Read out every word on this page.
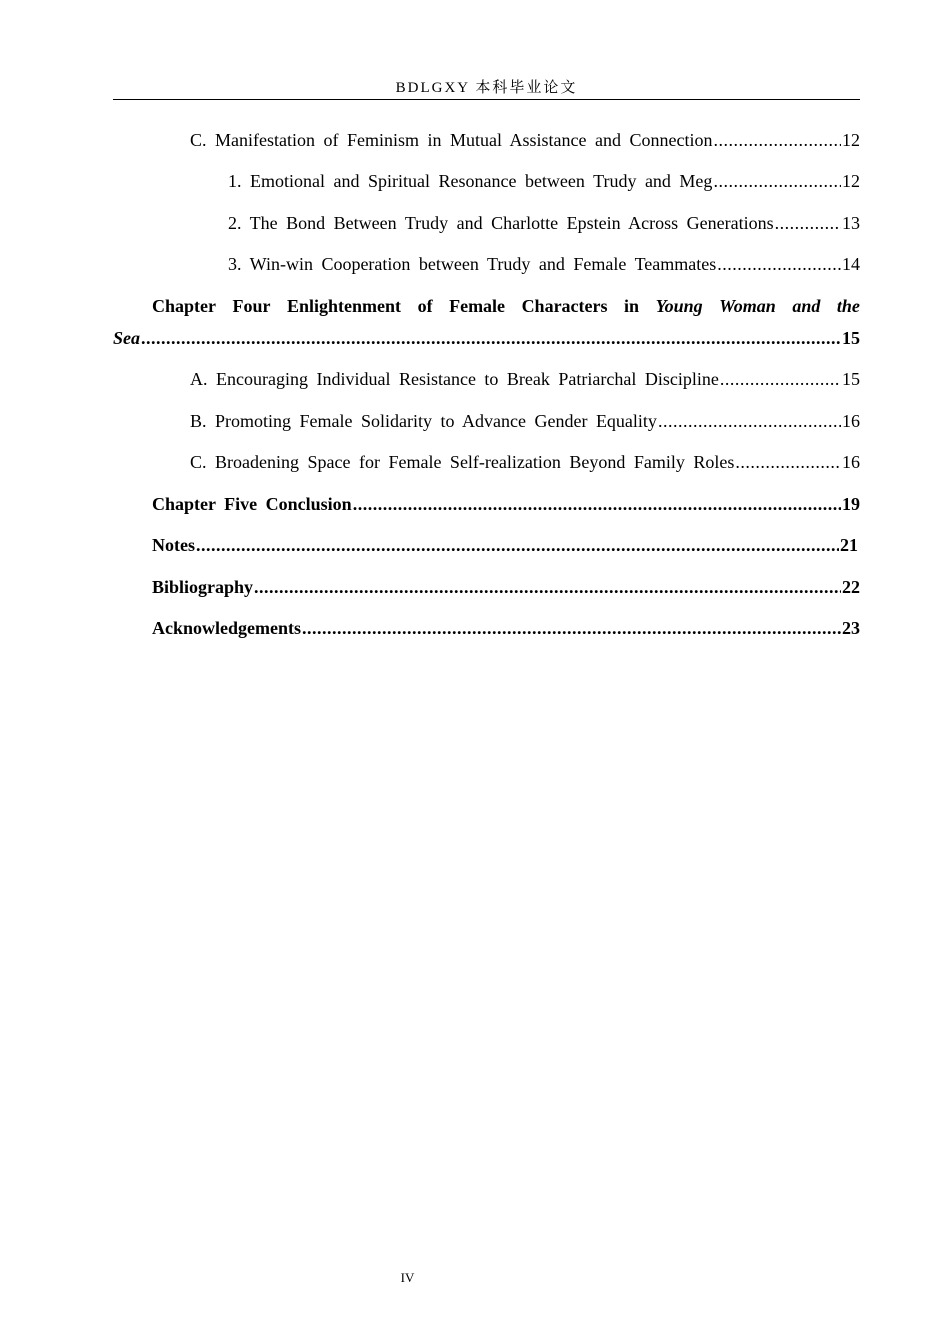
BDLGXY 本科毕业论文
C. Manifestation of Feminism in Mutual Assistance and Connection .....	12
1. Emotional and Spiritual Resonance between Trudy and Meg .....	12
2. The Bond Between Trudy and Charlotte Epstein Across Generations .....	13
3. Win-win Cooperation between Trudy and Female Teammates .....	14
Chapter Four Enlightenment of Female Characters in Young Woman and the
Sea .....	15
A. Encouraging Individual Resistance to Break Patriarchal Discipline .....	15
B. Promoting Female Solidarity to Advance Gender Equality .....	16
C. Broadening Space for Female Self-realization Beyond Family Roles .....	16
Chapter Five Conclusion .....	19
Notes .....	21
Bibliography .....	22
Acknowledgements .....	23
IV
